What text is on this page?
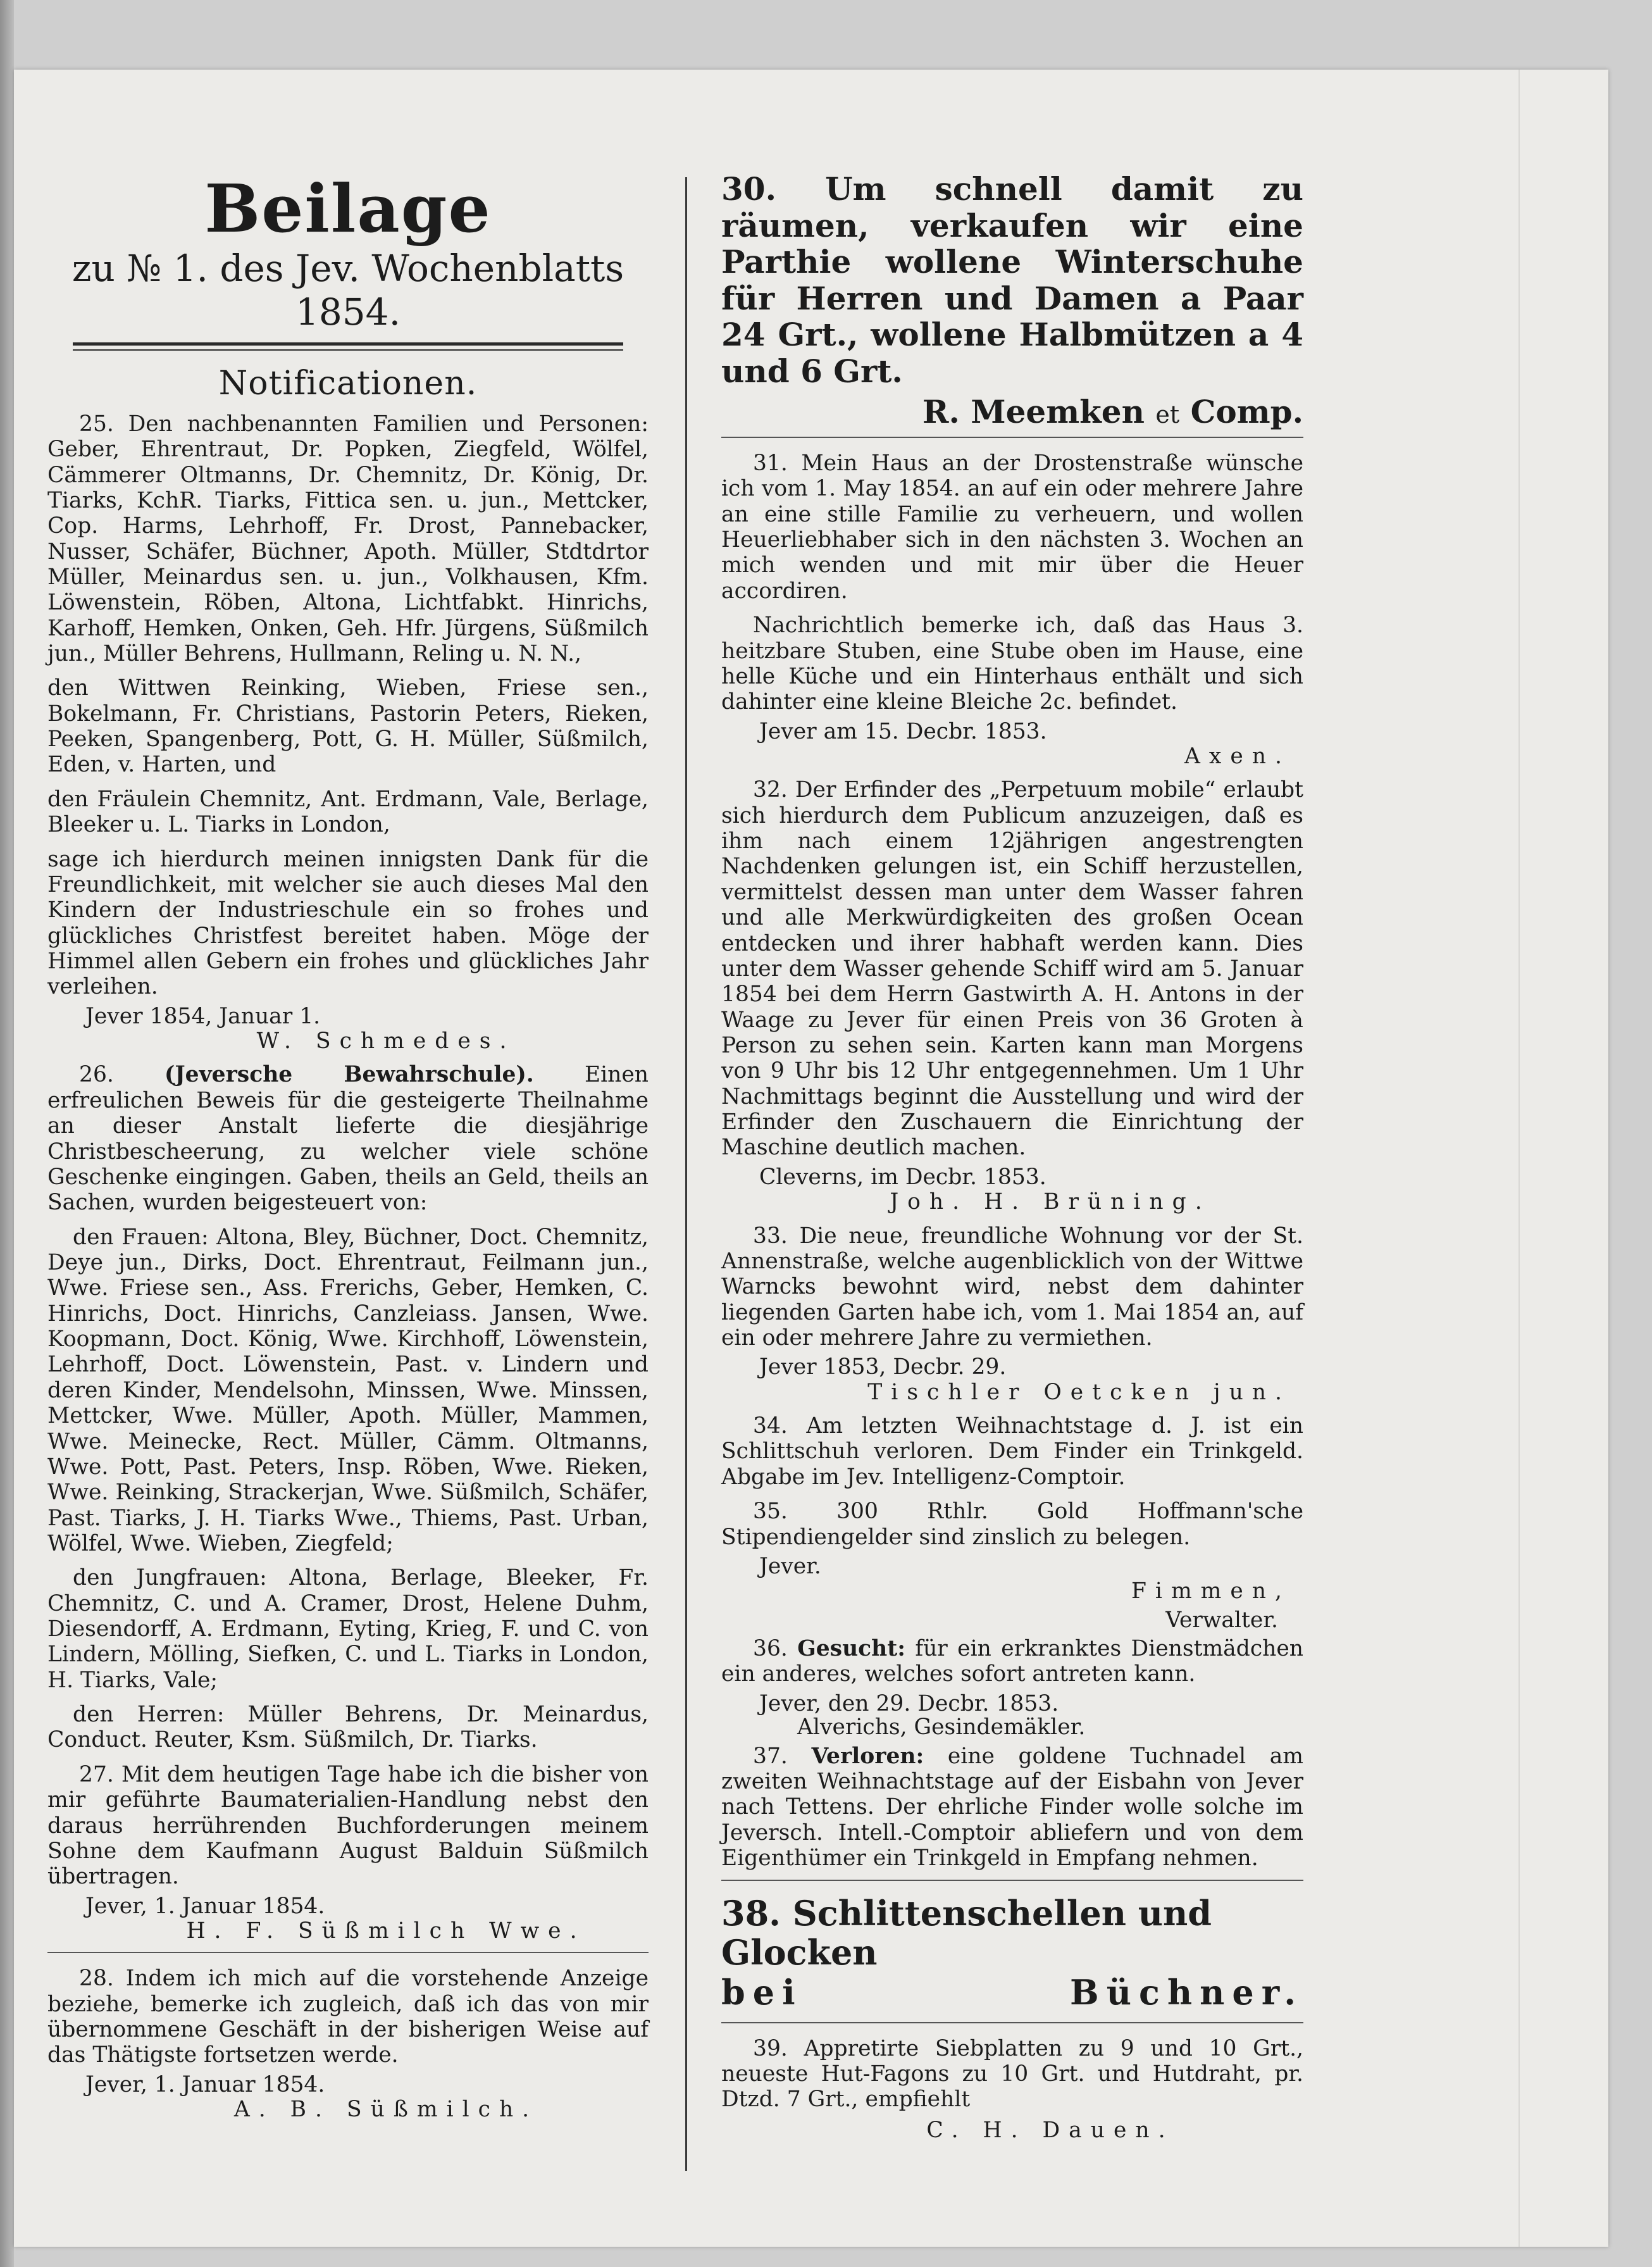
Beilage
zu № 1. des Jev. Wochenblatts 1854.
Notificationen.

25. Den nachbenannten Familien und Personen: Geber, Ehrentraut, Dr. Popken, Ziegfeld, Wölfel, Cämmerer Oltmanns, Dr. Chemnitz, Dr. König, Dr. Tiarks, KchR. Tiarks, Fittica sen. u. jun., Mettcker, Cop. Harms, Lehrhoff, Fr. Drost, Pannebacker, Nusser, Schäfer, Büchner, Apoth. Müller, Stdtdrtor Müller, Meinardus sen. u. jun., Volkhausen, Kfm. Löwenstein, Röben, Altona, Lichtfabkt. Hinrichs, Karhoff, Hemken, Onken, Geh. Hfr. Jürgens, Süßmilch jun., Müller Behrens, Hullmann, Reling u. N. N.,

den Wittwen Reinking, Wieben, Friese sen., Bokelmann, Fr. Christians, Pastorin Peters, Rieken, Peeken, Spangenberg, Pott, G. H. Müller, Süßmilch, Eden, v. Harten, und

den Fräulein Chemnitz, Ant. Erdmann, Vale, Berlage, Bleeker u. L. Tiarks in London,

sage ich hierdurch meinen innigsten Dank für die Freundlichkeit, mit welcher sie auch dieses Mal den Kindern der Industrieschule ein so frohes und glückliches Christfest bereitet haben. Möge der Himmel allen Gebern ein frohes und glückliches Jahr verleihen.

Jever 1854, Januar 1.
W. Schmedes.

26. (Jeversche Bewahrschule). Einen erfreulichen Beweis für die gesteigerte Theilnahme an dieser Anstalt lieferte die diesjährige Christbescheerung, zu welcher viele schöne Geschenke eingingen. Gaben, theils an Geld, theils an Sachen, wurden beigesteuert von:

den Frauen: Altona, Bley, Büchner, Doct. Chemnitz, Deye jun., Dirks, Doct. Ehrentraut, Feilmann jun., Wwe. Friese sen., Ass. Frerichs, Geber, Hemken, C. Hinrichs, Doct. Hinrichs, Canzleiass. Jansen, Wwe. Koopmann, Doct. König, Wwe. Kirchhoff, Löwenstein, Lehrhoff, Doct. Löwenstein, Past. v. Lindern und deren Kinder, Mendelsohn, Minssen, Wwe. Minssen, Mettcker, Wwe. Müller, Apoth. Müller, Mammen, Wwe. Meinecke, Rect. Müller, Cämm. Oltmanns, Wwe. Pott, Past. Peters, Insp. Röben, Wwe. Rieken, Wwe. Reinking, Strackerjan, Wwe. Süßmilch, Schäfer, Past. Tiarks, J. H. Tiarks Wwe., Thiems, Past. Urban, Wölfel, Wwe. Wieben, Ziegfeld;

den Jungfrauen: Altona, Berlage, Bleeker, Fr. Chemnitz, C. und A. Cramer, Drost, Helene Duhm, Diesendorff, A. Erdmann, Eyting, Krieg, F. und C. von Lindern, Mölling, Siefken, C. und L. Tiarks in London, H. Tiarks, Vale;

den Herren: Müller Behrens, Dr. Meinardus, Conduct. Reuter, Ksm. Süßmilch, Dr. Tiarks.

27. Mit dem heutigen Tage habe ich die bisher von mir geführte Baumaterialien-Handlung nebst den daraus herrührenden Buchforderungen meinem Sohne dem Kaufmann August Balduin Süßmilch übertragen.

Jever, 1. Januar 1854.
H. F. Süßmilch Wwe.

28. Indem ich mich auf die vorstehende Anzeige beziehe, bemerke ich zugleich, daß ich das von mir übernommene Geschäft in der bisherigen Weise auf das Thätigste fortsetzen werde.

Jever, 1. Januar 1854.
A. B. Süßmilch.

30. Um schnell damit zu räumen, verkaufen wir eine Parthie wollene Winterschuhe für Herren und Damen a Paar 24 Grt., wollene Halbmützen a 4 und 6 Grt.

R. Meemken et Comp.

31. Mein Haus an der Drostenstraße wünsche ich vom 1. May 1854. an auf ein oder mehrere Jahre an eine stille Familie zu verheuern, und wollen Heuerliebhaber sich in den nächsten 3. Wochen an mich wenden und mit mir über die Heuer accordiren.

Nachrichtlich bemerke ich, daß das Haus 3. heitzbare Stuben, eine Stube oben im Hause, eine helle Küche und ein Hinterhaus enthält und sich dahinter eine kleine Bleiche 2c. befindet.

Jever am 15. Decbr. 1853.
Axen.

32. Der Erfinder des „Perpetuum mobile“ erlaubt sich hierdurch dem Publicum anzuzeigen, daß es ihm nach einem 12jährigen angestrengten Nachdenken gelungen ist, ein Schiff herzustellen, vermittelst dessen man unter dem Wasser fahren und alle Merkwürdigkeiten des großen Ocean entdecken und ihrer habhaft werden kann. Dies unter dem Wasser gehende Schiff wird am 5. Januar 1854 bei dem Herrn Gastwirth A. H. Antons in der Waage zu Jever für einen Preis von 36 Groten à Person zu sehen sein. Karten kann man Morgens von 9 Uhr bis 12 Uhr entgegennehmen. Um 1 Uhr Nachmittags beginnt die Ausstellung und wird der Erfinder den Zuschauern die Einrichtung der Maschine deutlich machen.

Cleverns, im Decbr. 1853.
Joh. H. Brüning.

33. Die neue, freundliche Wohnung vor der St. Annenstraße, welche augenblicklich von der Wittwe Warncks bewohnt wird, nebst dem dahinter liegenden Garten habe ich, vom 1. Mai 1854 an, auf ein oder mehrere Jahre zu vermiethen.

Jever 1853, Decbr. 29.
Tischler Oetcken jun.

34. Am letzten Weihnachtstage d. J. ist ein Schlittschuh verloren. Dem Finder ein Trinkgeld. Abgabe im Jev. Intelligenz-Comptoir.

35. 300 Rthlr. Gold Hoffmann'sche Stipendiengelder sind zinslich zu belegen.

Jever.
Fimmen,
Verwalter.

36. Gesucht: für ein erkranktes Dienstmädchen ein anderes, welches sofort antreten kann.

Jever, den 29. Decbr. 1853.
Alverichs, Gesindemäkler.

37. Verloren: eine goldene Tuchnadel am zweiten Weihnachtstage auf der Eisbahn von Jever nach Tettens. Der ehrliche Finder wolle solche im Jeversch. Intell.-Comptoir abliefern und von dem Eigenthümer ein Trinkgeld in Empfang nehmen.

38. Schlittenschellen und Glocken
bei	Büchner.

39. Appretirte Siebplatten zu 9 und 10 Grt., neueste Hut-Fagons zu 10 Grt. und Hutdraht, pr. Dtzd. 7 Grt., empfiehlt

C. H. Dauen.
